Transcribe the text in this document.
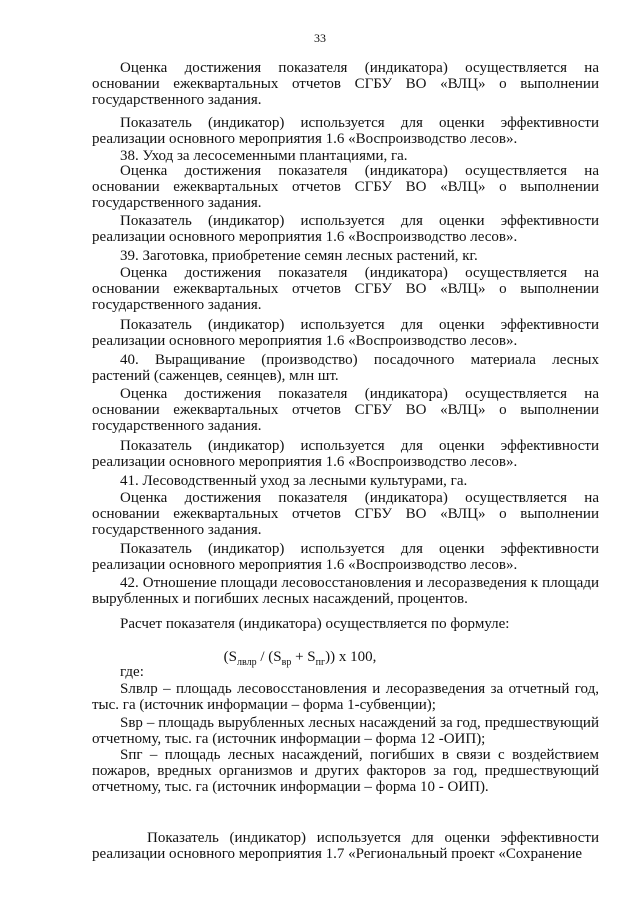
33

Оценка достижения показателя (индикатора) осуществляется на

основании ежеквартальных отчетов СГБУ ВО «ВЛЦ» о выполнении

государственного задания.

Показатель (индикатор) используется для оценки эффективности

реализации основного мероприятия 1.6 «Воспроизводство лесов».

38. Уход за лесосеменными плантациями, га.

Оценка достижения показателя (индикатора) осуществляется на

основании ежеквартальных отчетов СГБУ ВО «ВЛЦ» о выполнении

государственного задания.

Показатель (индикатор) используется для оценки эффективности

реализации основного мероприятия 1.6 «Воспроизводство лесов».

39. Заготовка, приобретение семян лесных растений, кг.

Оценка достижения показателя (индикатора) осуществляется на

основании ежеквартальных отчетов СГБУ ВО «ВЛЦ» о выполнении

государственного задания.

Показатель (индикатор) используется для оценки эффективности

реализации основного мероприятия 1.6 «Воспроизводство лесов».

40. Выращивание (производство) посадочного материала лесных

растений (саженцев, сеянцев), млн шт.

Оценка достижения показателя (индикатора) осуществляется на

основании ежеквартальных отчетов СГБУ ВО «ВЛЦ» о выполнении

государственного задания.

Показатель (индикатор) используется для оценки эффективности

реализации основного мероприятия 1.6 «Воспроизводство лесов».

41. Лесоводственный уход за лесными культурами, га.

Оценка достижения показателя (индикатора) осуществляется на

основании ежеквартальных отчетов СГБУ ВО «ВЛЦ» о выполнении

государственного задания.

Показатель (индикатор) используется для оценки эффективности

реализации основного мероприятия 1.6 «Воспроизводство лесов».

42. Отношение площади лесовосстановления и лесоразведения к площади

вырубленных и погибших лесных насаждений, процентов.

Расчет показателя (индикатора) осуществляется по формуле:

где:

Sлвлр – площадь лесовосстановления и лесоразведения за отчетный год,

тыс. га (источник информации – форма 1-субвенции);

Sвр – площадь вырубленных лесных насаждений за год, предшествующий

отчетному, тыс. га (источник информации – форма 12 -ОИП);

Sпг – площадь лесных насаждений, погибших в связи с воздействием

пожаров, вредных организмов и других факторов за год, предшествующий

отчетному, тыс. га (источник информации – форма 10 - ОИП).

Показатель (индикатор) используется для оценки эффективности

реализации основного мероприятия 1.7 «Региональный проект «Сохранение

$(S_{лвлр} / (S_{вр} + S_{пг}))$ x 100,
